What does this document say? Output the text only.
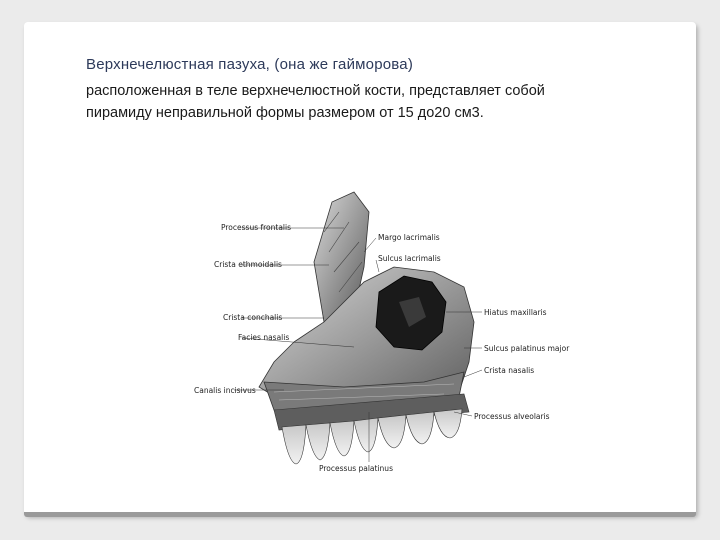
Верхнечелюстная пазуха, (она же гайморова)
расположенная в теле верхнечелюстной кости, представляет собой
пирамиду неправильной формы размером от 15 до20 см3.
Processus frontalis
Crista ethmoidalis
Crista conchalis
Facies nasalis
Canalis incisivus
Margo lacrimalis
Sulcus lacrimalis
Hiatus maxillaris
Sulcus palatinus major
Crista nasalis
Processus alveolaris
Processus palatinus
